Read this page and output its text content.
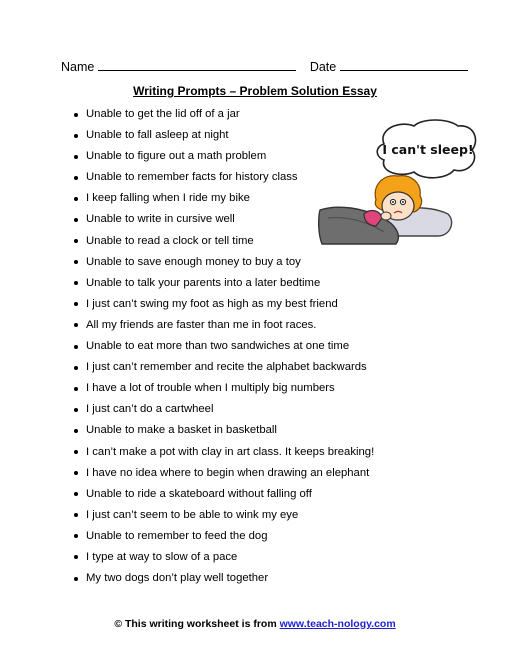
Name	Date
Writing Prompts – Problem Solution Essay
Unable to get the lid off of a jar
Unable to fall asleep at night
Unable to figure out a math problem
Unable to remember facts for history class
I keep falling when I ride my bike
Unable to write in cursive well
Unable to read a clock or tell time
Unable to save enough money to buy a toy
Unable to talk your parents into a later bedtime
I just can’t swing my foot as high as my best friend
All my friends are faster than me in foot races.
Unable to eat more than two sandwiches at one time
I just can’t remember and recite the alphabet backwards
I have a lot of trouble when I multiply big numbers
I just can’t do a cartwheel
Unable to make a basket in basketball
I can’t make a pot with clay in art class. It keeps breaking!
I have no idea where to begin when drawing an elephant
Unable to ride a skateboard without falling off
I just can’t seem to be able to wink my eye
Unable to remember to feed the dog
I type at way to slow of a pace
My two dogs don’t play well together
I can't sleep!
© This writing worksheet is from www.teach-nology.com
